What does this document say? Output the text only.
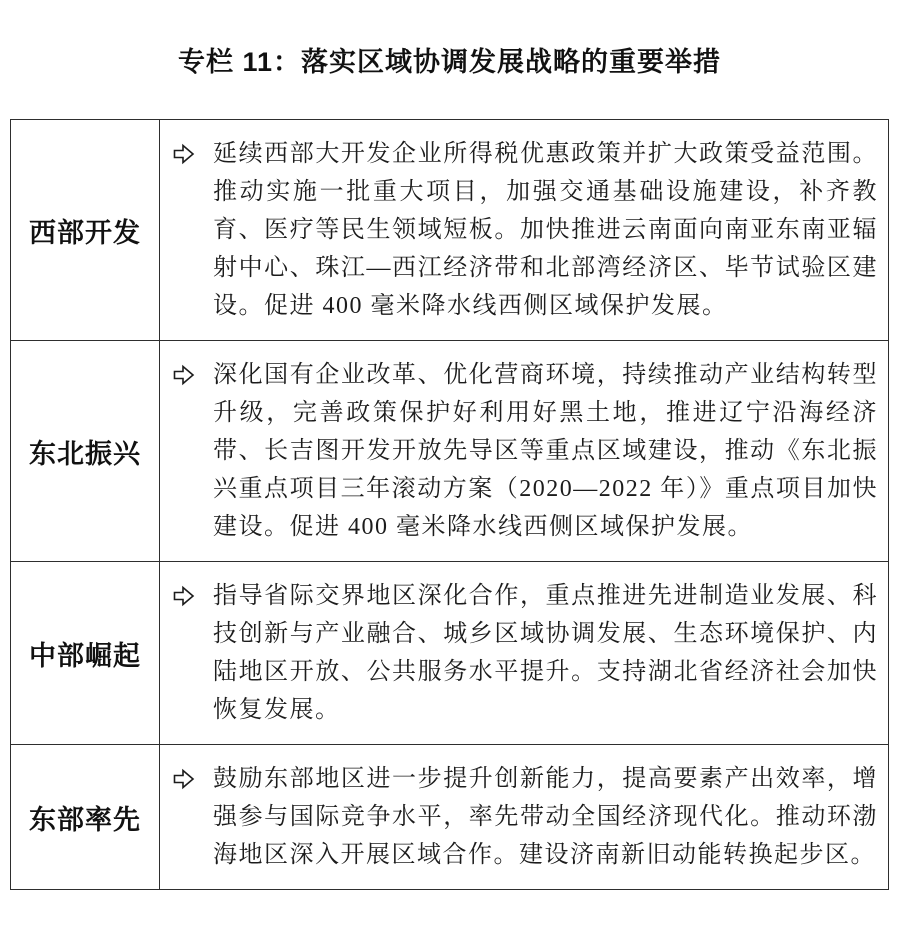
专栏 11：落实区域协调发展战略的重要举措
西部开发	延续西部大开发企业所得税优惠政策并扩大政策受益范围。推动实施一批重大项目，加强交通基础设施建设，补齐教育、医疗等民生领域短板。加快推进云南面向南亚东南亚辐射中心、珠江—西江经济带和北部湾经济区、毕节试验区建设。促进 400 毫米降水线西侧区域保护发展。

东北振兴	深化国有企业改革、优化营商环境，持续推动产业结构转型升级，完善政策保护好利用好黑土地，推进辽宁沿海经济带、长吉图开发开放先导区等重点区域建设，推动《东北振兴重点项目三年滚动方案（2020—2022 年）》重点项目加快建设。促进 400 毫米降水线西侧区域保护发展。

中部崛起	指导省际交界地区深化合作，重点推进先进制造业发展、科技创新与产业融合、城乡区域协调发展、生态环境保护、内陆地区开放、公共服务水平提升。支持湖北省经济社会加快恢复发展。

东部率先	鼓励东部地区进一步提升创新能力，提高要素产出效率，增强参与国际竞争水平，率先带动全国经济现代化。推动环渤海地区深入开展区域合作。建设济南新旧动能转换起步区。
